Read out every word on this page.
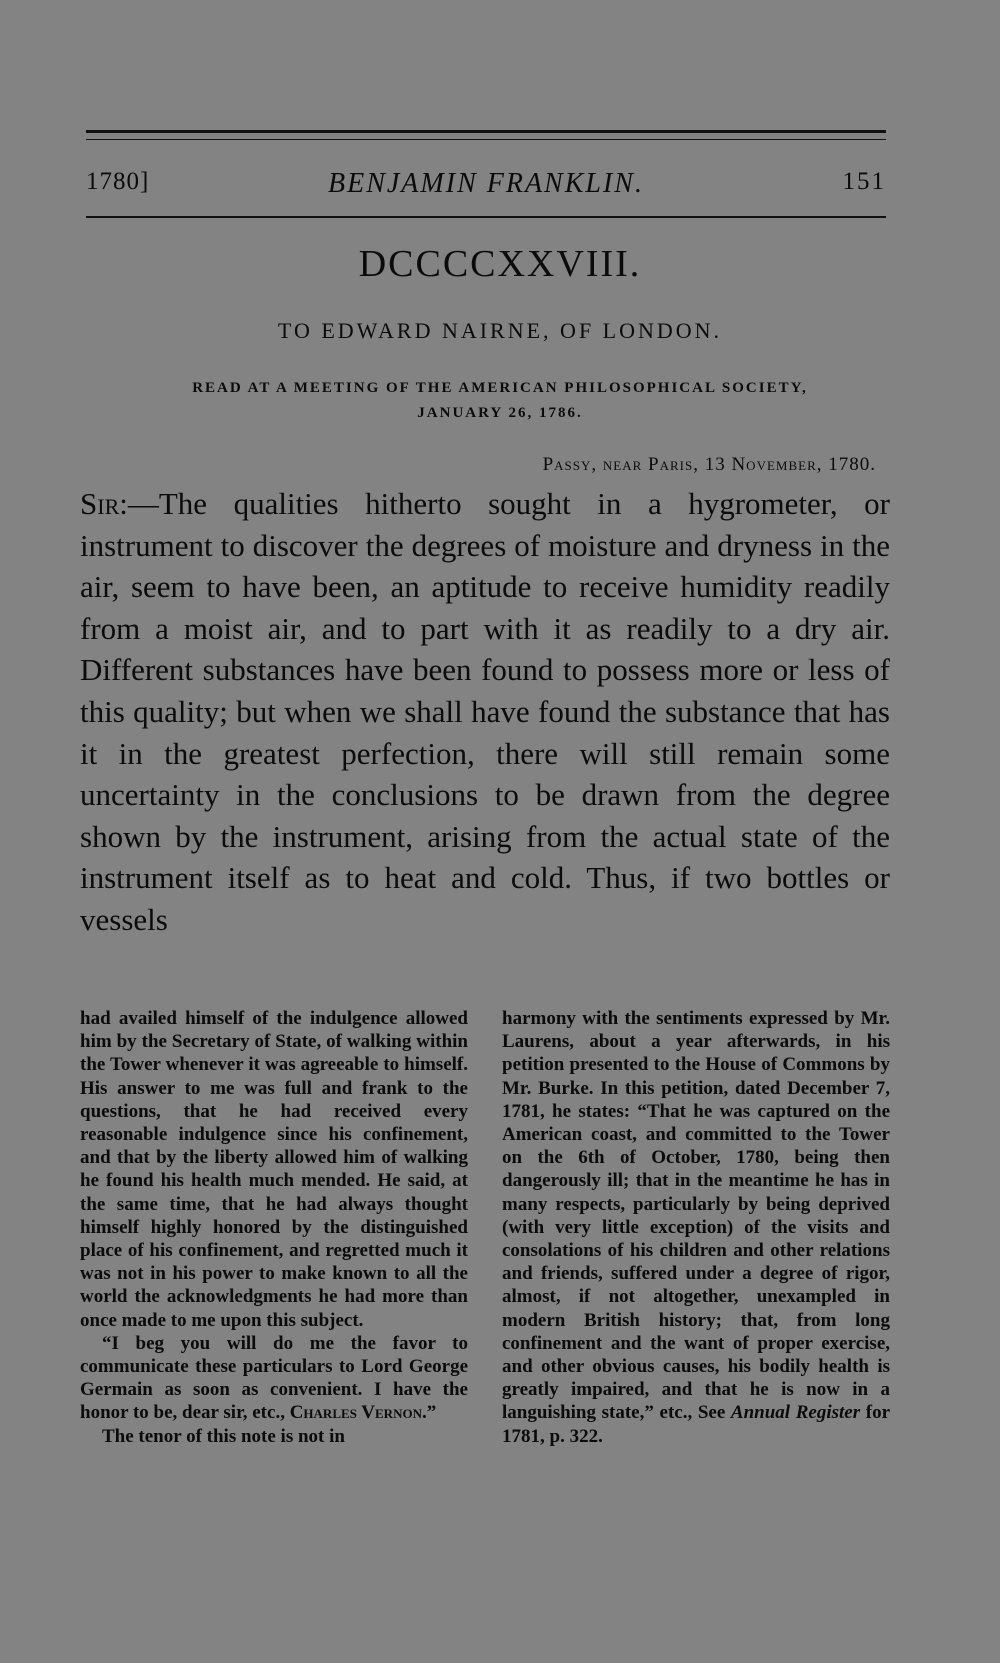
1780]	BENJAMIN FRANKLIN.	151
DCCCCXXVIII.
TO EDWARD NAIRNE, OF LONDON.
READ AT A MEETING OF THE AMERICAN PHILOSOPHICAL SOCIETY,
JANUARY 26, 1786.
Passy, near Paris, 13 November, 1780.

Sir:—The qualities hitherto sought in a hygrometer, or instrument to discover the degrees of moisture and dryness in the air, seem to have been, an aptitude to receive humidity readily from a moist air, and to part with it as readily to a dry air. Different substances have been found to possess more or less of this quality; but when we shall have found the substance that has it in the greatest perfection, there will still remain some uncertainty in the conclusions to be drawn from the degree shown by the instrument, arising from the actual state of the instrument itself as to heat and cold. Thus, if two bottles or vessels

had availed himself of the indulgence allowed him by the Secretary of State, of walking within the Tower whenever it was agreeable to himself. His answer to me was full and frank to the questions, that he had received every reasonable indulgence since his confinement, and that by the liberty allowed him of walking he found his health much mended. He said, at the same time, that he had always thought himself highly honored by the distinguished place of his confinement, and regretted much it was not in his power to make known to all the world the acknowledgments he had more than once made to me upon this subject.

“I beg you will do me the favor to communicate these particulars to Lord George Germain as soon as convenient. I have the honor to be, dear sir, etc., Charles Vernon.”

The tenor of this note is not in

harmony with the sentiments expressed by Mr. Laurens, about a year afterwards, in his petition presented to the House of Commons by Mr. Burke. In this petition, dated December 7, 1781, he states: “That he was captured on the American coast, and committed to the Tower on the 6th of October, 1780, being then dangerously ill; that in the meantime he has in many respects, particularly by being deprived (with very little exception) of the visits and consolations of his children and other relations and friends, suffered under a degree of rigor, almost, if not altogether, unexampled in modern British history; that, from long confinement and the want of proper exercise, and other obvious causes, his bodily health is greatly impaired, and that he is now in a languishing state,” etc., See Annual Register for 1781, p. 322.
